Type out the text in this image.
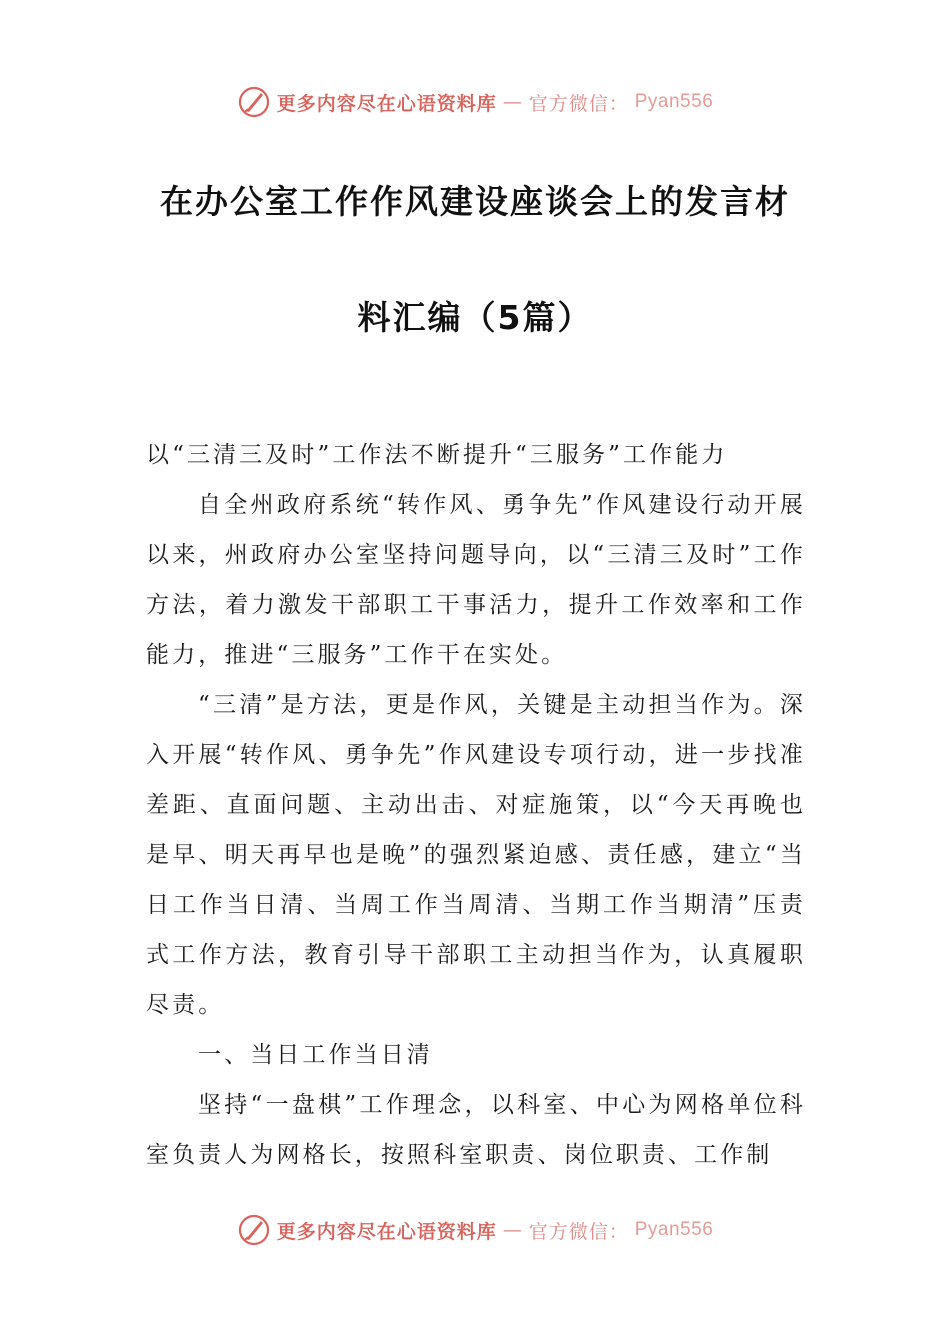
更多内容尽在心语资料库 — 官方微信： Pyan556
在办公室工作作风建设座谈会上的发言材
料汇编（5篇）

以“三清三及时”工作法不断提升“三服务”工作能力

自全州政府系统“转作风、勇争先”作风建设行动开展以来，州政府办公室坚持问题导向，以“三清三及时”工作方法，着力激发干部职工干事活力，提升工作效率和工作能力，推进“三服务”工作干在实处。

“三清”是方法，更是作风，关键是主动担当作为。深入开展“转作风、勇争先”作风建设专项行动，进一步找准差距、直面问题、主动出击、对症施策，以“今天再晚也是早、明天再早也是晚”的强烈紧迫感、责任感，建立“当日工作当日清、当周工作当周清、当期工作当期清”压责式工作方法，教育引导干部职工主动担当作为，认真履职尽责。

一、当日工作当日清

坚持“一盘棋”工作理念，以科室、中心为网格单位科室负责人为网格长，按照科室职责、岗位职责、工作制

更多内容尽在心语资料库 — 官方微信： Pyan556
